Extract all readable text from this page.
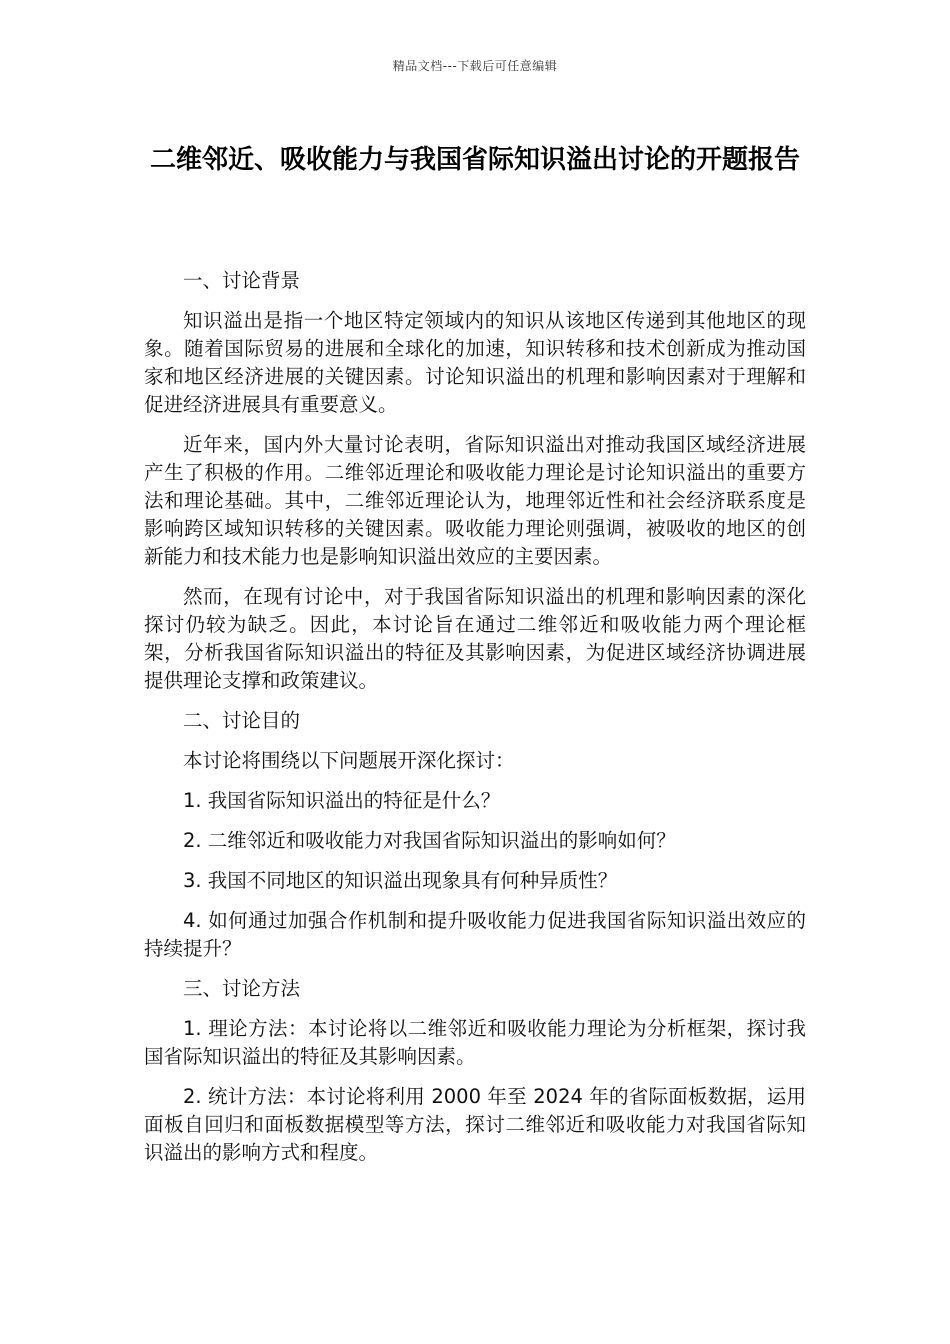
精品文档---下载后可任意编辑
二维邻近、吸收能力与我国省际知识溢出讨论的开题报告

一、讨论背景

知识溢出是指一个地区特定领域内的知识从该地区传递到其他地区的现象。随着国际贸易的进展和全球化的加速，知识转移和技术创新成为推动国家和地区经济进展的关键因素。讨论知识溢出的机理和影响因素对于理解和促进经济进展具有重要意义。

近年来，国内外大量讨论表明，省际知识溢出对推动我国区域经济进展产生了积极的作用。二维邻近理论和吸收能力理论是讨论知识溢出的重要方法和理论基础。其中，二维邻近理论认为，地理邻近性和社会经济联系度是影响跨区域知识转移的关键因素。吸收能力理论则强调，被吸收的地区的创新能力和技术能力也是影响知识溢出效应的主要因素。

然而，在现有讨论中，对于我国省际知识溢出的机理和影响因素的深化探讨仍较为缺乏。因此，本讨论旨在通过二维邻近和吸收能力两个理论框架，分析我国省际知识溢出的特征及其影响因素，为促进区域经济协调进展提供理论支撑和政策建议。

二、讨论目的

本讨论将围绕以下问题展开深化探讨：

1. 我国省际知识溢出的特征是什么？

2. 二维邻近和吸收能力对我国省际知识溢出的影响如何？

3. 我国不同地区的知识溢出现象具有何种异质性？

4. 如何通过加强合作机制和提升吸收能力促进我国省际知识溢出效应的持续提升？

三、讨论方法

1. 理论方法：本讨论将以二维邻近和吸收能力理论为分析框架，探讨我国省际知识溢出的特征及其影响因素。

2. 统计方法：本讨论将利用 2000 年至 2024 年的省际面板数据，运用面板自回归和面板数据模型等方法，探讨二维邻近和吸收能力对我国省际知识溢出的影响方式和程度。
